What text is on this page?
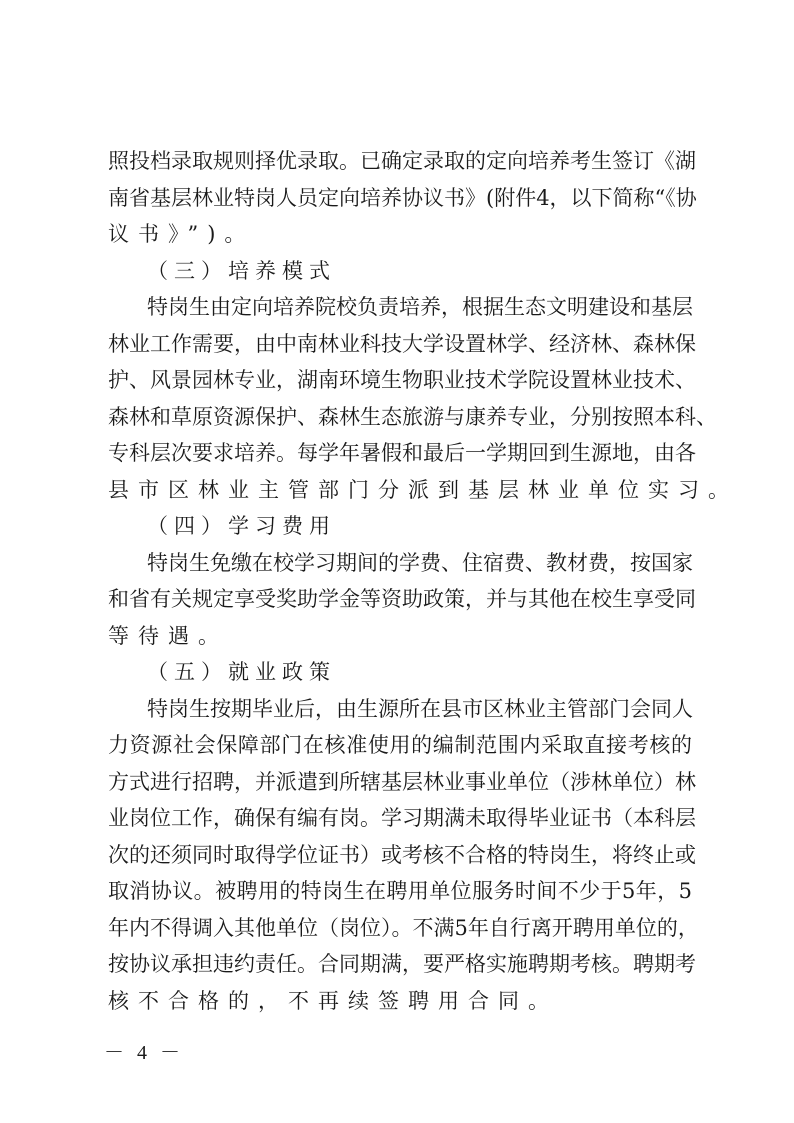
照投档录取规则择优录取。已确定录取的定向培养考生签订《湖
南省基层林业特岗人员定向培养协议书》(附件4，以下简称“《协
议书》”)。
（三）培养模式
特岗生由定向培养院校负责培养，根据生态文明建设和基层
林业工作需要，由中南林业科技大学设置林学、经济林、森林保
护、风景园林专业，湖南环境生物职业技术学院设置林业技术、
森林和草原资源保护、森林生态旅游与康养专业，分别按照本科、
专科层次要求培养。每学年暑假和最后一学期回到生源地，由各
县市区林业主管部门分派到基层林业单位实习。
（四）学习费用
特岗生免缴在校学习期间的学费、住宿费、教材费，按国家
和省有关规定享受奖助学金等资助政策，并与其他在校生享受同
等待遇。
（五）就业政策
特岗生按期毕业后，由生源所在县市区林业主管部门会同人
力资源社会保障部门在核准使用的编制范围内采取直接考核的
方式进行招聘，并派遣到所辖基层林业事业单位（涉林单位）林
业岗位工作，确保有编有岗。学习期满未取得毕业证书（本科层
次的还须同时取得学位证书）或考核不合格的特岗生，将终止或
取消协议。被聘用的特岗生在聘用单位服务时间不少于5年，5
年内不得调入其他单位（岗位）。不满5年自行离开聘用单位的，
按协议承担违约责任。合同期满，要严格实施聘期考核。聘期考
核不合格的，不再续签聘用合同。
－ 4 －
